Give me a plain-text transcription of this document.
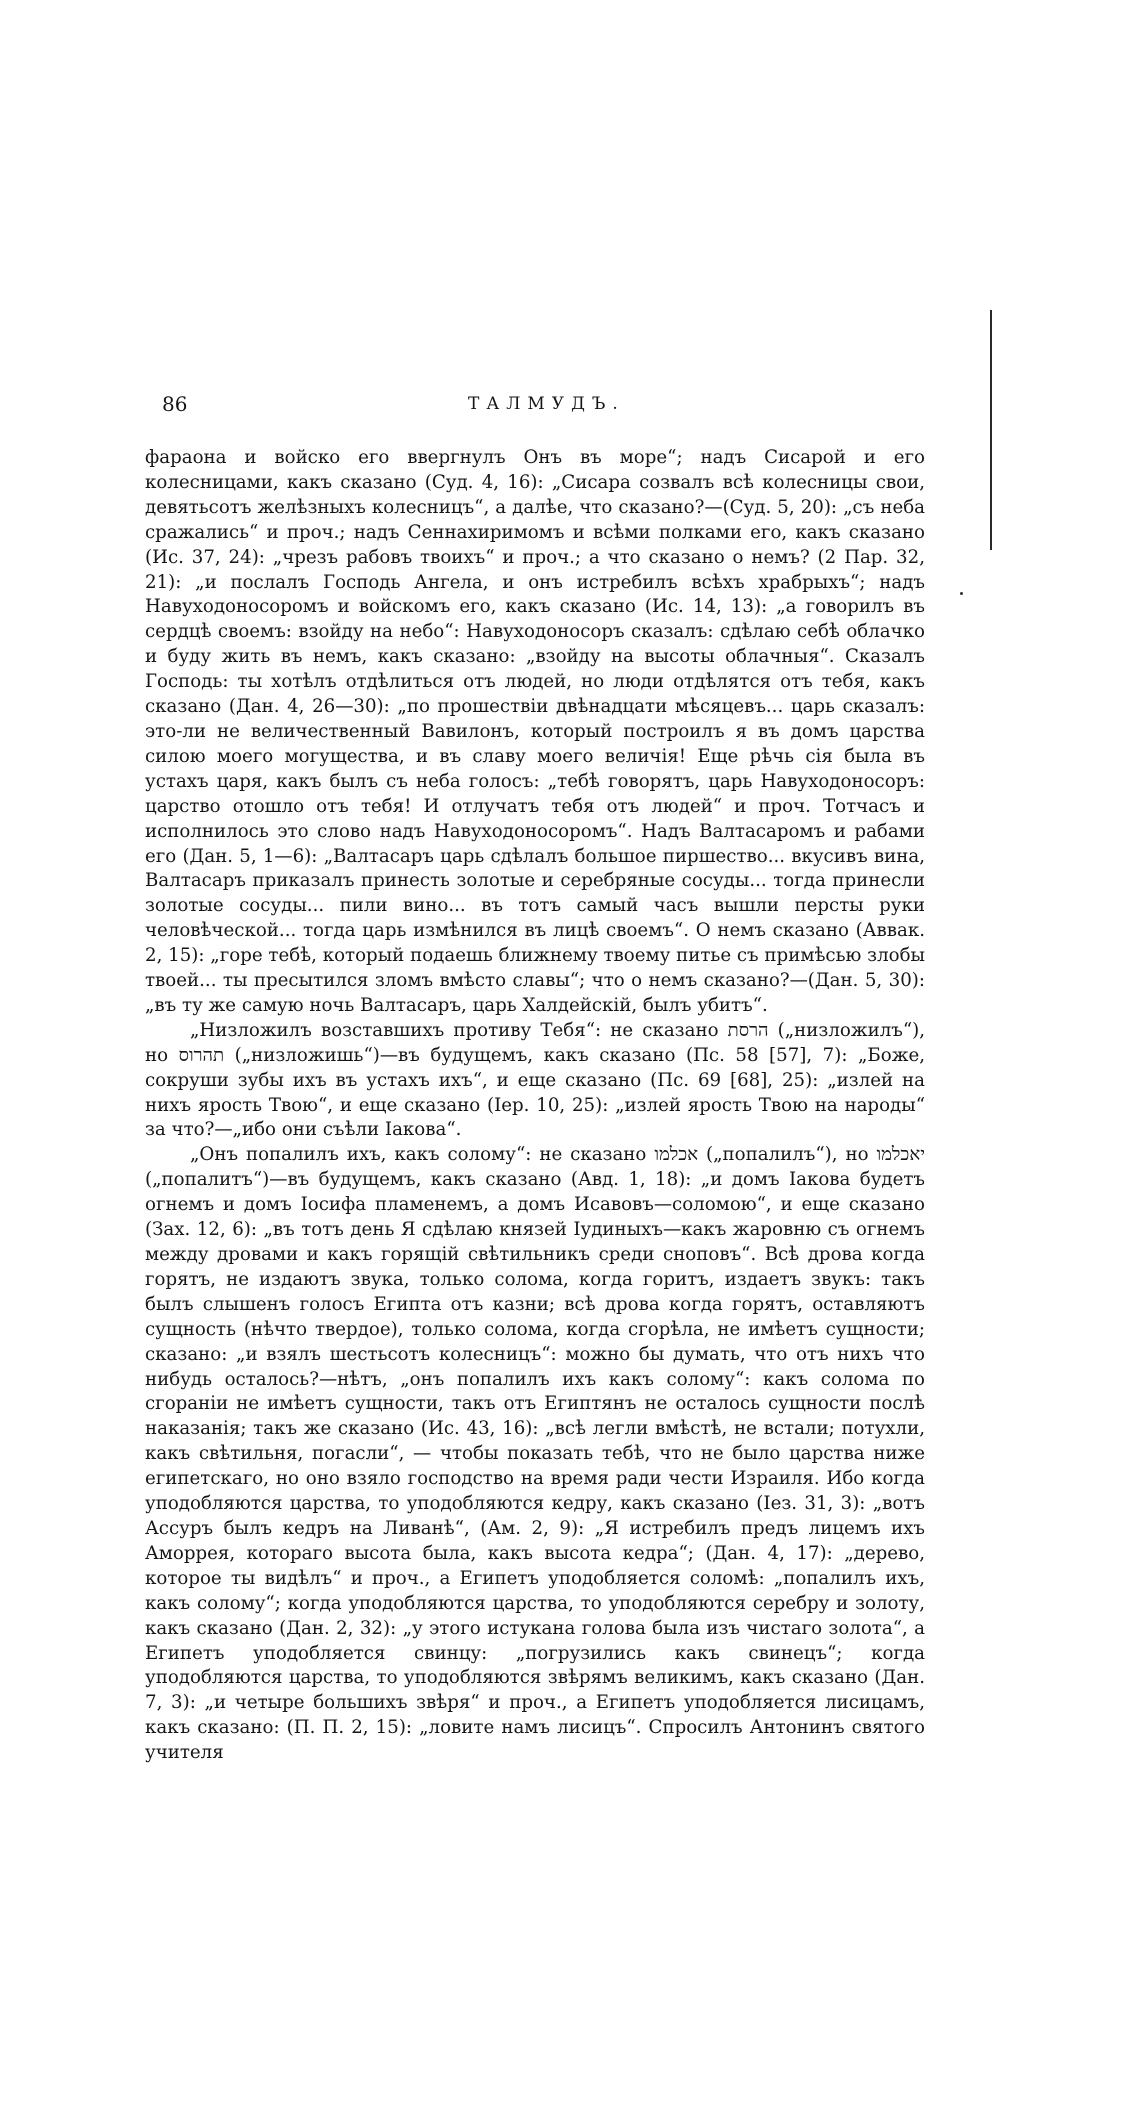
86	ТАЛМУДЪ.

фараона и войско его ввергнулъ Онъ въ море“; надъ Сисарой и его колесницами, какъ сказано (Суд. 4, 16): „Сисара созвалъ всѣ колесницы свои, девятьсотъ желѣзныхъ колесницъ“, а далѣе, что сказано?—(Суд. 5, 20): „съ неба сражались“ и проч.; надъ Сеннахиримомъ и всѣми полками его, какъ сказано (Ис. 37, 24): „чрезъ рабовъ твоихъ“ и проч.; а что сказано о немъ? (2 Пар. 32, 21): „и послалъ Господь Ангела, и онъ истребилъ всѣхъ храбрыхъ“; надъ Навуходоносоромъ и войскомъ его, какъ сказано (Ис. 14, 13): „а говорилъ въ сердцѣ своемъ: взойду на небо“: Навуходоносоръ сказалъ: сдѣлаю себѣ облачко и буду жить въ немъ, какъ сказано: „взойду на высоты облачныя“. Сказалъ Господь: ты хотѣлъ отдѣлиться отъ людей, но люди отдѣлятся отъ тебя, какъ сказано (Дан. 4, 26—30): „по прошествіи двѣнадцати мѣсяцевъ... царь сказалъ: это-ли не величественный Вавилонъ, который построилъ я въ домъ царства силою моего могущества, и въ славу моего величія! Еще рѣчь сія была въ устахъ царя, какъ былъ съ неба голосъ: „тебѣ говорятъ, царь Навуходоносоръ: царство отошло отъ тебя! И отлучатъ тебя отъ людей“ и проч. Тотчасъ и исполнилось это слово надъ Навуходоносоромъ“. Надъ Валтасаромъ и рабами его (Дан. 5, 1—6): „Валтасаръ царь сдѣлалъ большое пиршество... вкусивъ вина, Валтасаръ приказалъ принесть золотые и серебряные сосуды... тогда принесли золотые сосуды... пили вино... въ тотъ самый часъ вышли персты руки человѣческой... тогда царь измѣнился въ лицѣ своемъ“. О немъ сказано (Аввак. 2, 15): „горе тебѣ, который подаешь ближнему твоему питье съ примѣсью злобы твоей... ты пресытился зломъ вмѣсто славы“; что о немъ сказано?—(Дан. 5, 30): „въ ту же самую ночь Валтасаръ, царь Халдейскій, былъ убитъ“.

„Низложилъ возставшихъ противу Тебя“: не сказано הרסת („низложилъ“), но תהרוס („низложишь“)—въ будущемъ, какъ сказано (Пс. 58 [57], 7): „Боже, сокруши зубы ихъ въ устахъ ихъ“, и еще сказано (Пс. 69 [68], 25): „излей на нихъ ярость Твою“, и еще сказано (Iер. 10, 25): „излей ярость Твою на народы“ за что?—„ибо они съѣли Iакова“.

„Онъ попалилъ ихъ, какъ солому“: не сказано אכלמו („попалилъ“), но יאכלמו („попалитъ“)—въ будущемъ, какъ сказано (Авд. 1, 18): „и домъ Iакова будетъ огнемъ и домъ Iосифа пламенемъ, а домъ Исавовъ—соломою“, и еще сказано (Зах. 12, 6): „въ тотъ день Я сдѣлаю князей Iудиныхъ—какъ жаровню съ огнемъ между дровами и какъ горящій свѣтильникъ среди сноповъ“. Всѣ дрова когда горятъ, не издаютъ звука, только солома, когда горитъ, издаетъ звукъ: такъ былъ слышенъ голосъ Египта отъ казни; всѣ дрова когда горятъ, оставляютъ сущность (нѣчто твердое), только солома, когда сгорѣла, не имѣетъ сущности; сказано: „и взялъ шестьсотъ колесницъ“: можно бы думать, что отъ нихъ что нибудь осталось?—нѣтъ, „онъ попалилъ ихъ какъ солому“: какъ солома по сгораніи не имѣетъ сущности, такъ отъ Египтянъ не осталось сущности послѣ наказанія; такъ же сказано (Ис. 43, 16): „всѣ легли вмѣстѣ, не встали; потухли, какъ свѣтильня, погасли“, — чтобы показать тебѣ, что не было царства ниже египетскаго, но оно взяло господство на время ради чести Израиля. Ибо когда уподобляются царства, то уподобляются кедру, какъ сказано (Iез. 31, 3): „вотъ Ассуръ былъ кедръ на Ливанѣ“, (Ам. 2, 9): „Я истребилъ предъ лицемъ ихъ Аморрея, котораго высота была, какъ высота кедра“; (Дан. 4, 17): „дерево, которое ты видѣлъ“ и проч., а Египетъ уподобляется соломѣ: „попалилъ ихъ, какъ солому“; когда уподобляются царства, то уподобляются серебру и золоту, какъ сказано (Дан. 2, 32): „у этого истукана голова была изъ чистаго золота“, а Египетъ уподобляется свинцу: „погрузились какъ свинецъ“; когда уподобляются царства, то уподобляются звѣрямъ великимъ, какъ сказано (Дан. 7, 3): „и четыре большихъ звѣря“ и проч., а Египетъ уподобляется лисицамъ, какъ сказано: (П. П. 2, 15): „ловите намъ лисицъ“. Спросилъ Антонинъ святого учителя
